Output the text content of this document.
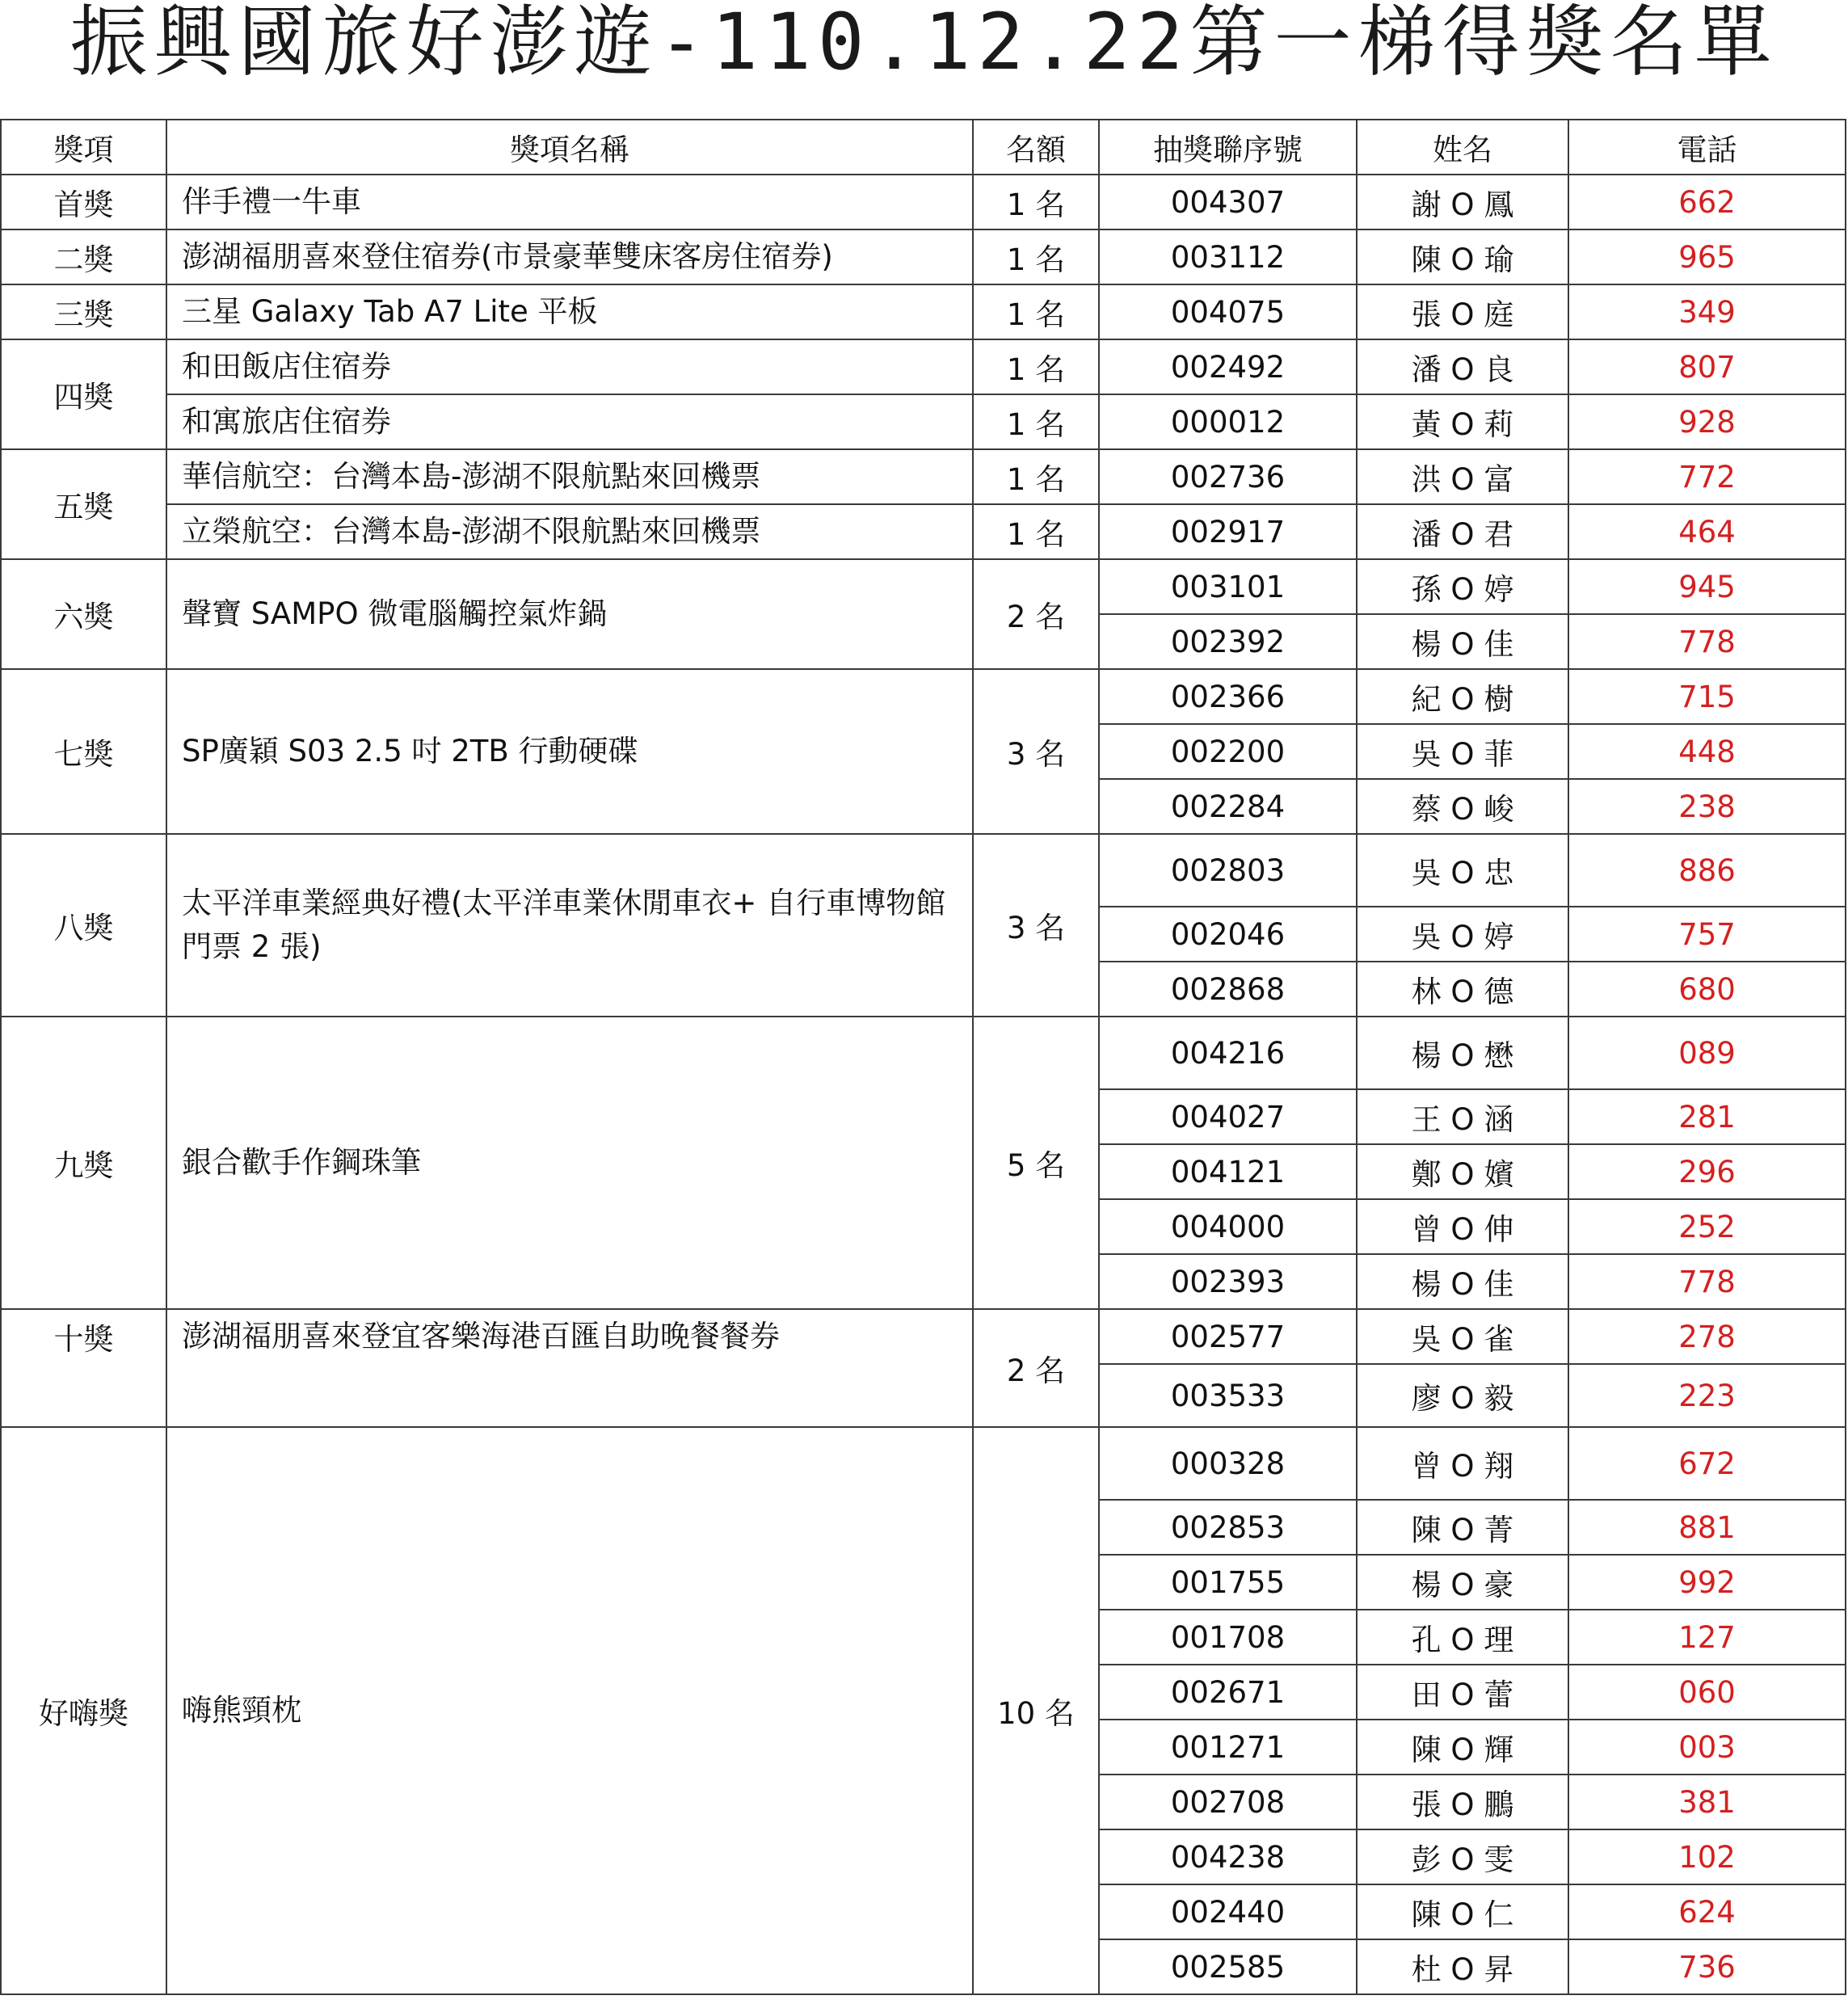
振興國旅好澎遊-110.12.22第一梯得獎名單
獎項	獎項名稱	名額	抽獎聯序號	姓名	電話
首獎	伴手禮一牛車	1 名	004307	謝 O 鳳	662
二獎	澎湖福朋喜來登住宿券(市景豪華雙床客房住宿券)	1 名	003112	陳 O 瑜	965
三獎	三星 Galaxy Tab A7 Lite 平板	1 名	004075	張 O 庭	349
四獎	和田飯店住宿券	1 名	002492	潘 O 良	807
	和寓旅店住宿券	1 名	000012	黃 O 莉	928
五獎	華信航空：台灣本島-澎湖不限航點來回機票	1 名	002736	洪 O 富	772
	立榮航空：台灣本島-澎湖不限航點來回機票	1 名	002917	潘 O 君	464
六獎	聲寶 SAMPO 微電腦觸控氣炸鍋	2 名	003101	孫 O 婷	945
			002392	楊 O 佳	778
七獎	SP廣穎 S03 2.5 吋 2TB 行動硬碟	3 名	002366	紀 O 樹	715
			002200	吳 O 菲	448
			002284	蔡 O 峻	238
八獎	太平洋車業經典好禮(太平洋車業休閒車衣+ 自行車博物館門票 2 張)	3 名	002803	吳 O 忠	886
			002046	吳 O 婷	757
			002868	林 O 德	680
九獎	銀合歡手作鋼珠筆	5 名	004216	楊 O 懋	089
			004027	王 O 涵	281
			004121	鄭 O 嬪	296
			004000	曾 O 伸	252
			002393	楊 O 佳	778
十獎	澎湖福朋喜來登宜客樂海港百匯自助晚餐餐券	2 名	002577	吳 O 雀	278
			003533	廖 O 毅	223
好嗨獎	嗨熊頸枕	10 名	000328	曾 O 翔	672
			002853	陳 O 菁	881
			001755	楊 O 豪	992
			001708	孔 O 理	127
			002671	田 O 蕾	060
			001271	陳 O 輝	003
			002708	張 O 鵬	381
			004238	彭 O 雯	102
			002440	陳 O 仁	624
			002585	杜 O 昇	736
